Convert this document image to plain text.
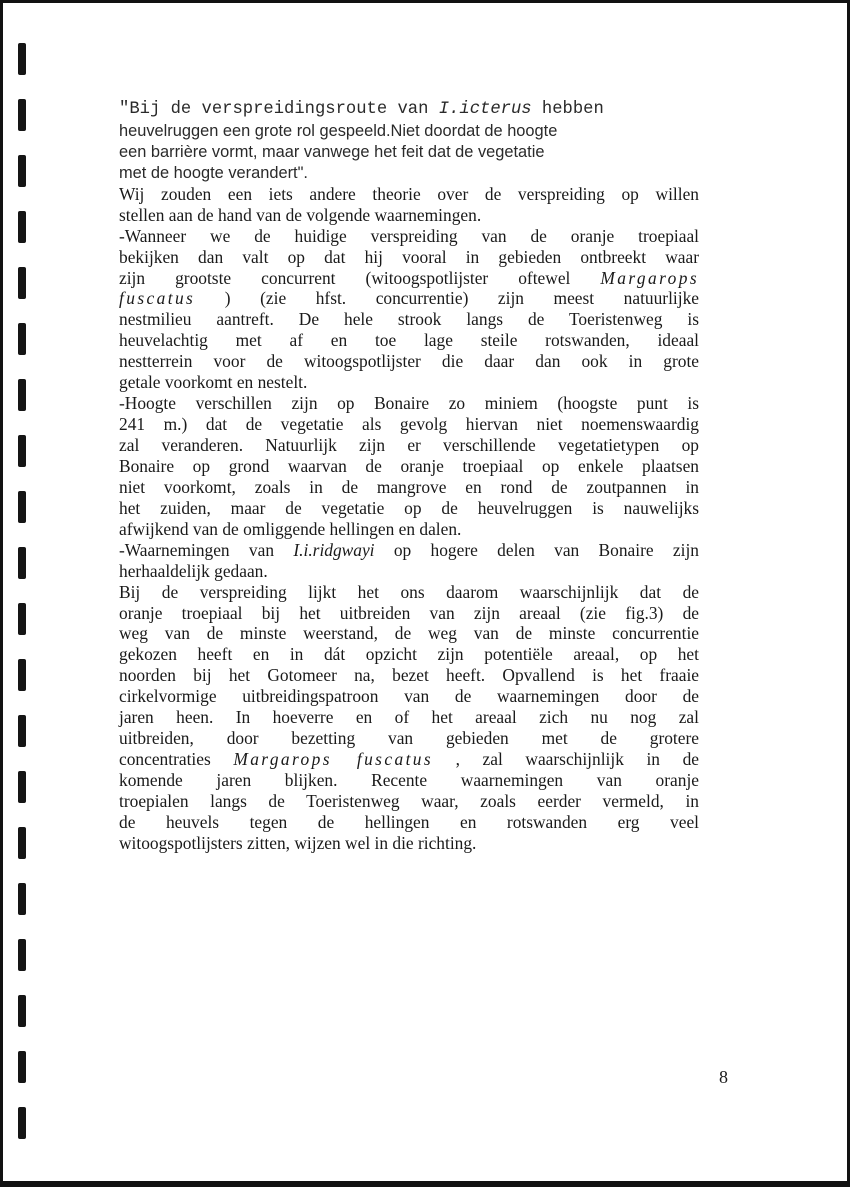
"Bij de verspreidingsroute van I.icterus hebben
heuvelruggen een grote rol gespeeld.Niet doordat de hoogte
een barrière vormt, maar vanwege het feit dat de vegetatie
met de hoogte verandert".
Wij zouden een iets andere theorie over de verspreiding op willen
stellen aan de hand van de volgende waarnemingen.
-Wanneer we de huidige verspreiding van de oranje troepiaal
bekijken dan valt op dat hij vooral in gebieden ontbreekt waar
zijn grootste concurrent (witoogspotlijster oftewel Margarops
fuscatus ) (zie hfst. concurrentie) zijn meest natuurlijke
nestmilieu aantreft. De hele strook langs de Toeristenweg is
heuvelachtig met af en toe lage steile rotswanden, ideaal
nestterrein voor de witoogspotlijster die daar dan ook in grote
getale voorkomt en nestelt.
-Hoogte verschillen zijn op Bonaire zo miniem (hoogste punt is
241 m.) dat de vegetatie als gevolg hiervan niet noemenswaardig
zal veranderen. Natuurlijk zijn er verschillende vegetatietypen op
Bonaire op grond waarvan de oranje troepiaal op enkele plaatsen
niet voorkomt, zoals in de mangrove en rond de zoutpannen in
het zuiden, maar de vegetatie op de heuvelruggen is nauwelijks
afwijkend van de omliggende hellingen en dalen.
-Waarnemingen van I.i.ridgwayi op hogere delen van Bonaire zijn
herhaaldelijk gedaan.
Bij de verspreiding lijkt het ons daarom waarschijnlijk dat de
oranje troepiaal bij het uitbreiden van zijn areaal (zie fig.3) de
weg van de minste weerstand, de weg van de minste concurrentie
gekozen heeft en in dát opzicht zijn potentiële areaal, op het
noorden bij het Gotomeer na, bezet heeft. Opvallend is het fraaie
cirkelvormige uitbreidingspatroon van de waarnemingen door de
jaren heen. In hoeverre en of het areaal zich nu nog zal
uitbreiden, door bezetting van gebieden met de grotere
concentraties Margarops fuscatus , zal waarschijnlijk in de
komende jaren blijken. Recente waarnemingen van oranje
troepialen langs de Toeristenweg waar, zoals eerder vermeld, in
de heuvels tegen de hellingen en rotswanden erg veel
witoogspotlijsters zitten, wijzen wel in die richting.
8
